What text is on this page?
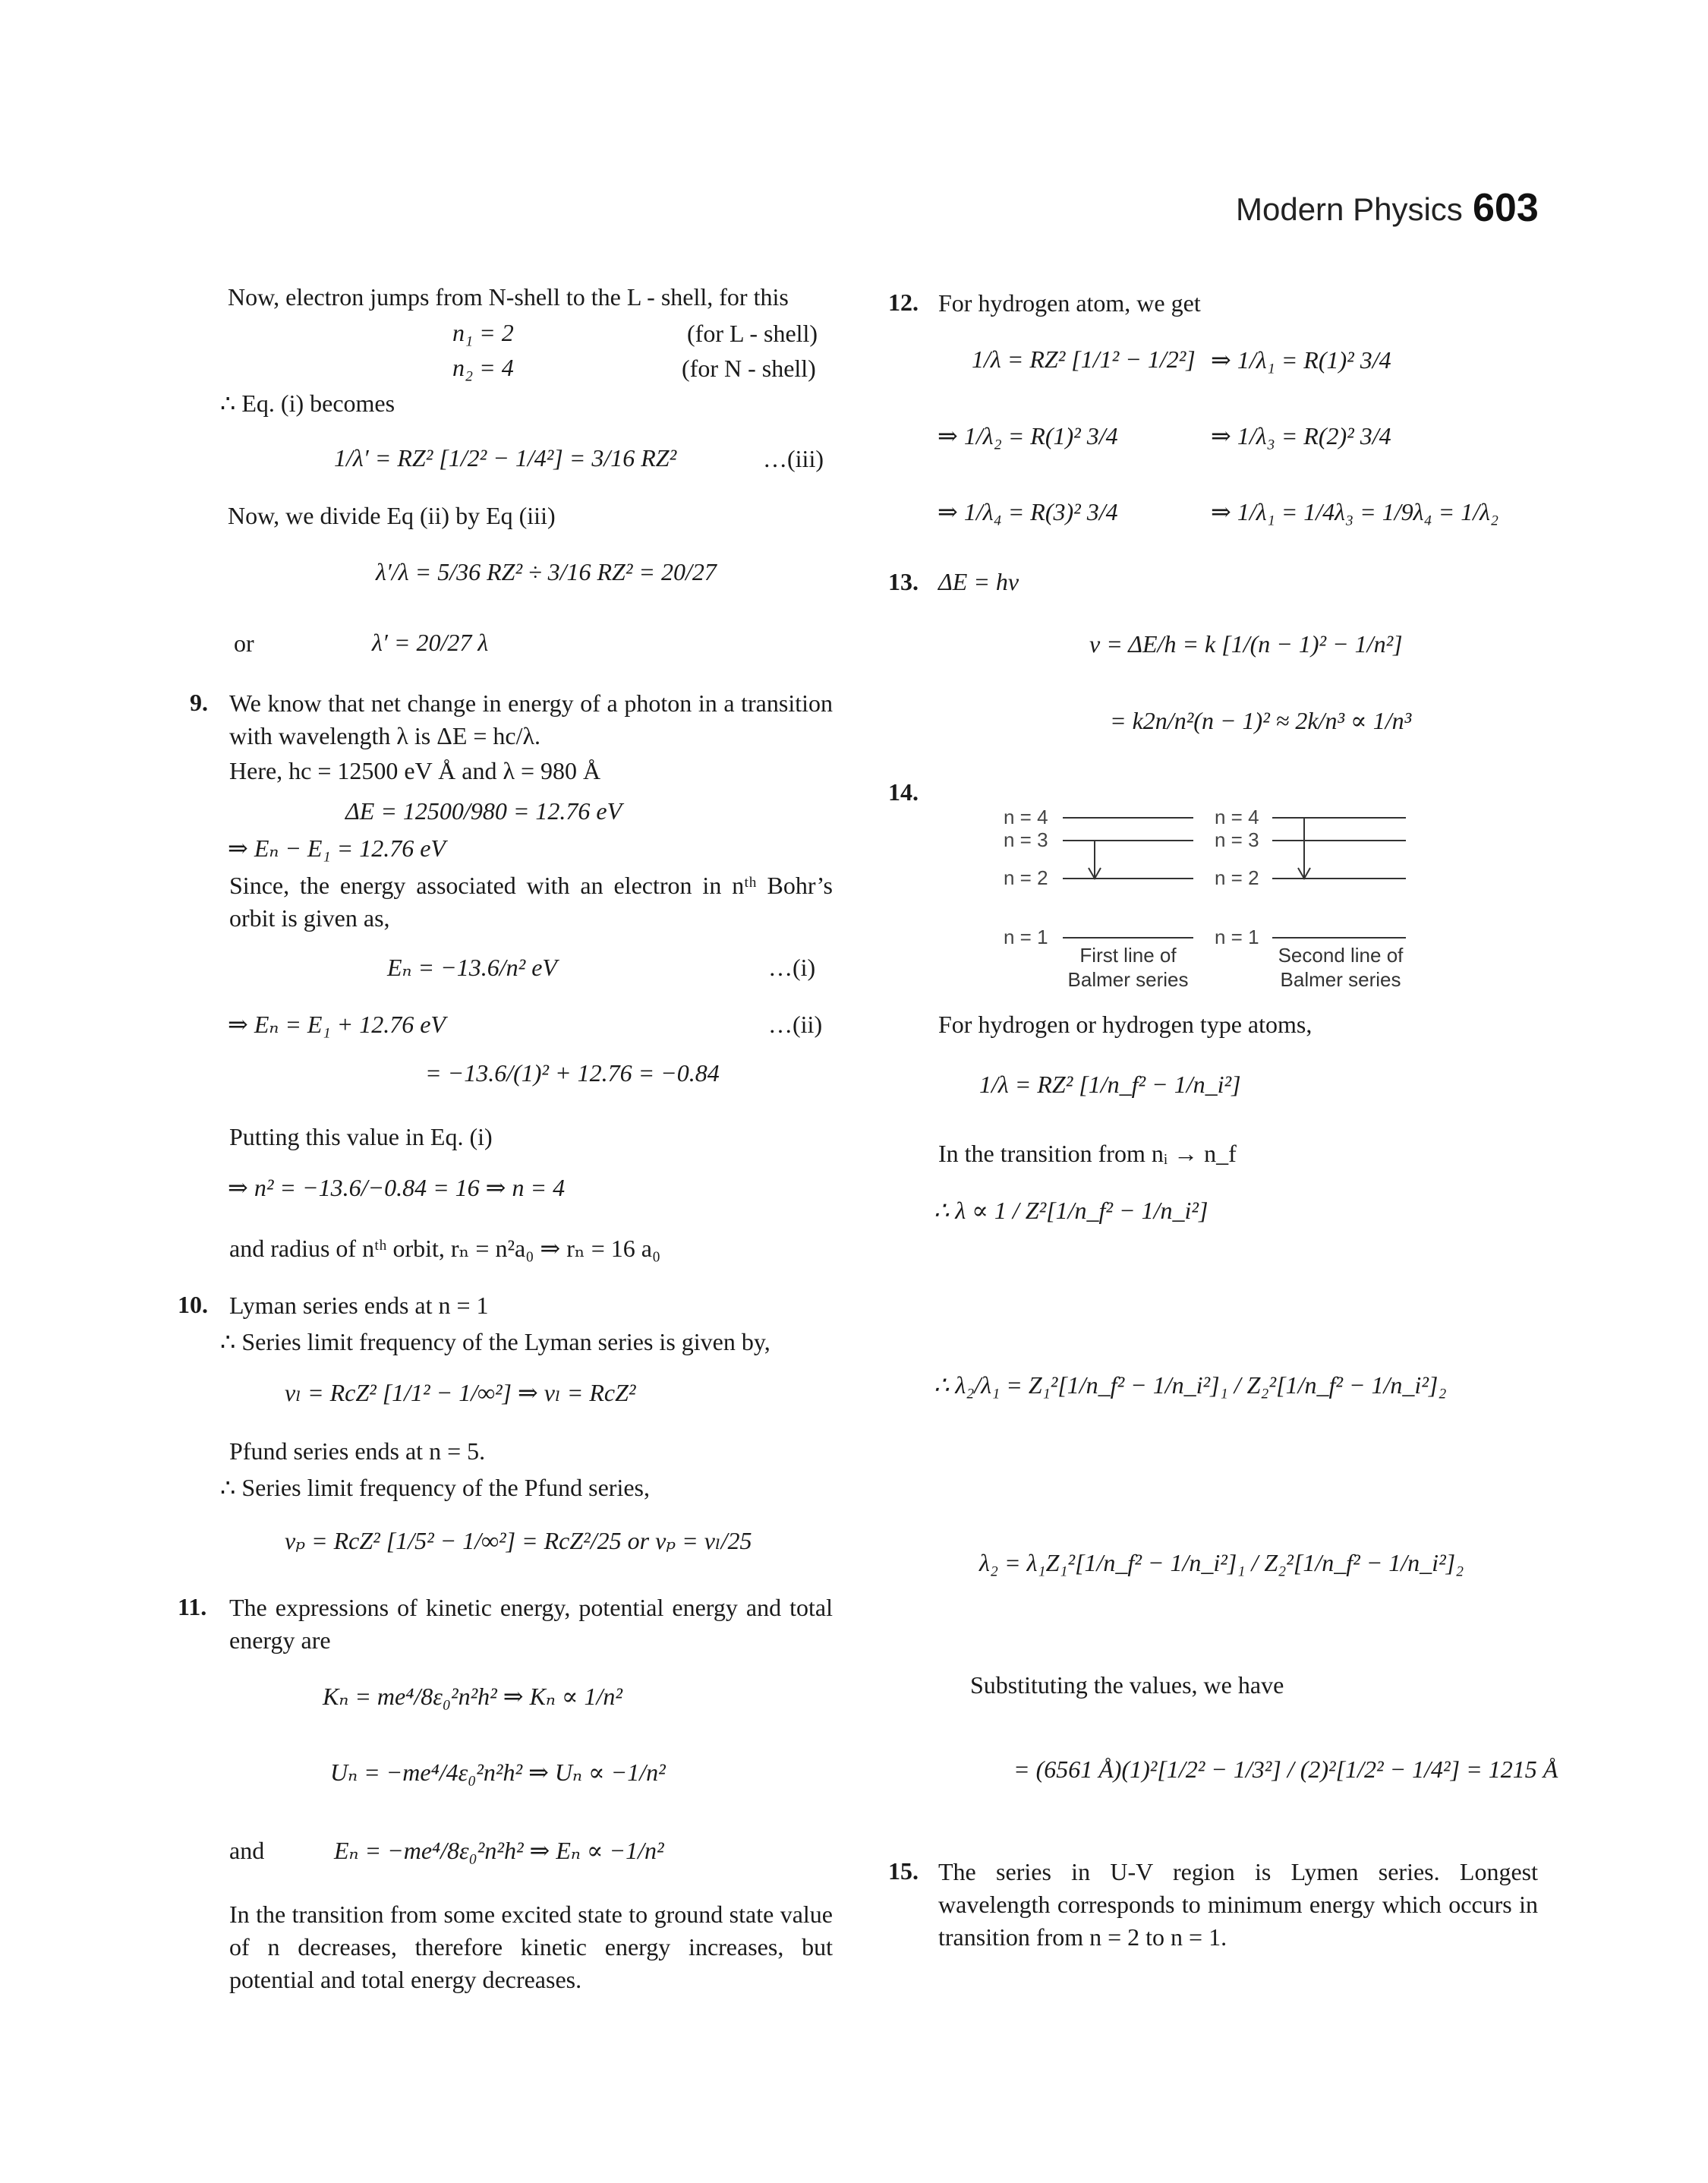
Modern Physics 603
Now, electron jumps from N-shell to the L - shell, for this
n₁ = 2	(for L - shell)
n₂ = 4	(for N - shell)
∴ Eq. (i) becomes
1/λ′ = RZ² [1/2² − 1/4²] = 3/16 RZ²	…(iii)
Now, we divide Eq (ii) by Eq (iii)
λ′/λ = 5/36 RZ² ÷ 3/16 RZ² = 20/27
or	λ′ = 20/27 λ
9. We know that net change in energy of a photon in a transition with wavelength λ is ΔE = hc/λ.
Here, hc = 12500 eV Å and λ = 980 Å
ΔE = 12500/980 = 12.76 eV
⇒ Eₙ − E₁ = 12.76 eV
Since, the energy associated with an electron in nᵗʰ Bohr’s orbit is given as,
Eₙ = −13.6/n² eV	…(i)
⇒ Eₙ = E₁ + 12.76 eV	…(ii)
= −13.6/(1)² + 12.76 = −0.84
Putting this value in Eq. (i)
⇒ n² = −13.6/−0.84 = 16 ⇒ n = 4
and radius of nᵗʰ orbit, rₙ = n²a₀ ⇒ rₙ = 16 a₀
10. Lyman series ends at n = 1
∴ Series limit frequency of the Lyman series is given by,
νₗ = RcZ² [1/1² − 1/∞²] ⇒ νₗ = RcZ²
Pfund series ends at n = 5.
∴ Series limit frequency of the Pfund series,
νₚ = RcZ² [1/5² − 1/∞²] = RcZ²/25 or νₚ = νₗ/25
11. The expressions of kinetic energy, potential energy and total energy are
Kₙ = me⁴/8ε₀²n²h² ⇒ Kₙ ∝ 1/n²
Uₙ = −me⁴/4ε₀²n²h² ⇒ Uₙ ∝ −1/n²
and	Eₙ = −me⁴/8ε₀²n²h² ⇒ Eₙ ∝ −1/n²
In the transition from some excited state to ground state value of n decreases, therefore kinetic energy increases, but potential and total energy decreases.
12. For hydrogen atom, we get
1/λ = RZ² [1/1² − 1/2²] ⇒ 1/λ₁ = R(1)² 3/4
⇒ 1/λ₂ = R(1)² 3/4	⇒ 1/λ₃ = R(2)² 3/4
⇒ 1/λ₄ = R(3)² 3/4	⇒ 1/λ₁ = 1/4λ₃ = 1/9λ₄ = 1/λ₂
13. ΔE = hν
ν = ΔE/h = k [1/(n − 1)² − 1/n²]
= k2n/n²(n − 1)² ≈ 2k/n³ ∝ 1/n³
14.
n = 4
n = 3
n = 2
n = 1
First line of
Balmer series
n = 4
n = 3
n = 2
n = 1
Second line of
Balmer series
For hydrogen or hydrogen type atoms,
1/λ = RZ² [1/n_f² − 1/n_i²]
In the transition from nᵢ → n_f
∴ λ ∝ 1 / Z²[1/n_f² − 1/n_i²]
∴ λ₂/λ₁ = Z₁²[1/n_f² − 1/n_i²]₁ / Z₂²[1/n_f² − 1/n_i²]₂
λ₂ = λ₁Z₁²[1/n_f² − 1/n_i²]₁ / Z₂²[1/n_f² − 1/n_i²]₂
Substituting the values, we have
= (6561 Å)(1)²[1/2² − 1/3²] / (2)²[1/2² − 1/4²] = 1215 Å
15. The series in U-V region is Lymen series. Longest wavelength corresponds to minimum energy which occurs in transition from n = 2 to n = 1.
